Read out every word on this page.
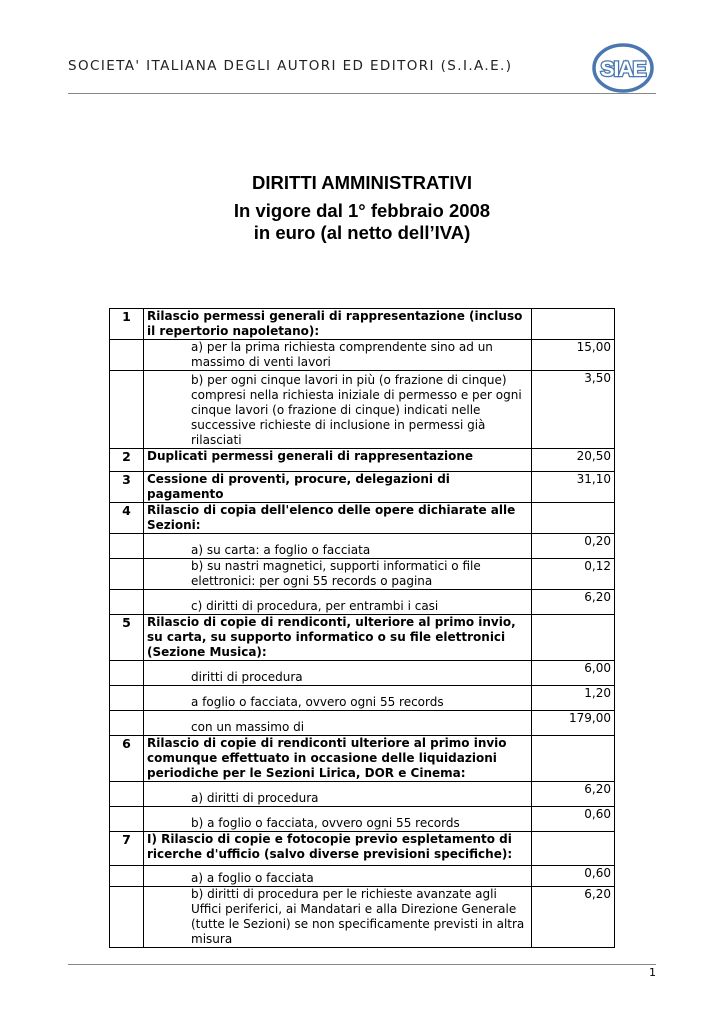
SOCIETA' ITALIANA DEGLI AUTORI ED EDITORI (S.I.A.E.)	SIAE
DIRITTI AMMINISTRATIVI
In vigore dal 1° febbraio 2008
in euro (al netto dell’IVA)
1	Rilascio permessi generali di rappresentazione (incluso il repertorio napoletano):	
	a) per la prima richiesta comprendente sino ad un massimo di venti lavori	15,00
	b) per ogni cinque lavori in più (o frazione di cinque) compresi nella richiesta iniziale di permesso e per ogni cinque lavori (o frazione di cinque) indicati nelle successive richieste di inclusione in permessi già rilasciati	3,50
2	Duplicati permessi generali di rappresentazione	20,50
3	Cessione di proventi, procure, delegazioni di pagamento	31,10
4	Rilascio di copia dell'elenco delle opere dichiarate alle Sezioni:	
	a) su carta: a foglio o facciata	0,20
	b) su nastri magnetici, supporti informatici o file elettronici: per ogni 55 records o pagina	0,12
	c) diritti di procedura, per entrambi i casi	6,20
5	Rilascio di copie di rendiconti, ulteriore al primo invio, su carta, su supporto informatico o su file elettronici (Sezione Musica):	
	diritti di procedura	6,00
	a foglio o facciata, ovvero ogni 55 records	1,20
	con un massimo di	179,00
6	Rilascio di copie di rendiconti ulteriore al primo invio comunque effettuato in occasione delle liquidazioni periodiche per le Sezioni Lirica, DOR e Cinema:	
	a) diritti di procedura	6,20
	b) a foglio o facciata, ovvero ogni 55 records	0,60
7	I) Rilascio di copie e fotocopie previo espletamento di ricerche d'ufficio (salvo diverse previsioni specifiche):	
	a) a foglio o facciata	0,60
	b) diritti di procedura per le richieste avanzate agli Uffici periferici, ai Mandatari e alla Direzione Generale (tutte le Sezioni) se non specificamente previsti in altra misura	6,20
1
